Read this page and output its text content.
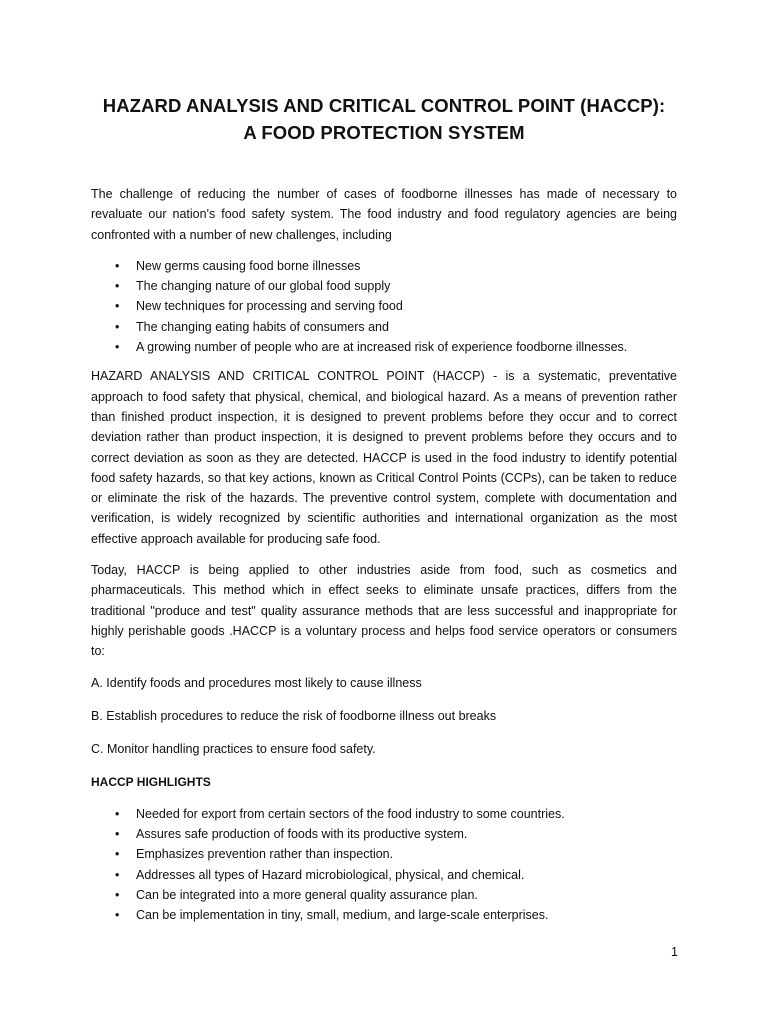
HAZARD ANALYSIS AND CRITICAL CONTROL POINT (HACCP):
A FOOD PROTECTION SYSTEM

The challenge of reducing the number of cases of foodborne illnesses has made of necessary to revaluate our nation's food safety system. The food industry and food regulatory agencies are being confronted with a number of new challenges, including

• New germs causing food borne illnesses
• The changing nature of our global food supply
• New techniques for processing and serving food
• The changing eating habits of consumers and
• A growing number of people who are at increased risk of experience foodborne illnesses.

HAZARD ANALYSIS AND CRITICAL CONTROL POINT (HACCP) - is a systematic, preventative approach to food safety that physical, chemical, and biological hazard. As a means of prevention rather than finished product inspection, it is designed to prevent problems before they occur and to correct deviation rather than product inspection, it is designed to prevent problems before they occurs and to correct deviation as soon as they are detected. HACCP is used in the food industry to identify potential food safety hazards, so that key actions, known as Critical Control Points (CCPs), can be taken to reduce or eliminate the risk of the hazards. The preventive control system, complete with documentation and verification, is widely recognized by scientific authorities and international organization as the most effective approach available for producing safe food.

Today, HACCP is being applied to other industries aside from food, such as cosmetics and pharmaceuticals. This method which in effect seeks to eliminate unsafe practices, differs from the traditional "produce and test" quality assurance methods that are less successful and inappropriate for highly perishable goods .HACCP is a voluntary process and helps food service operators or consumers to:

A. Identify foods and procedures most likely to cause illness

B. Establish procedures to reduce the risk of foodborne illness out breaks

C. Monitor handling practices to ensure food safety.

HACCP HIGHLIGHTS

• Needed for export from certain sectors of the food industry to some countries.
• Assures safe production of foods with its productive system.
• Emphasizes prevention rather than inspection.
• Addresses all types of Hazard microbiological, physical, and chemical.
• Can be integrated into a more general quality assurance plan.
• Can be implementation in tiny, small, medium, and large-scale enterprises.
1
